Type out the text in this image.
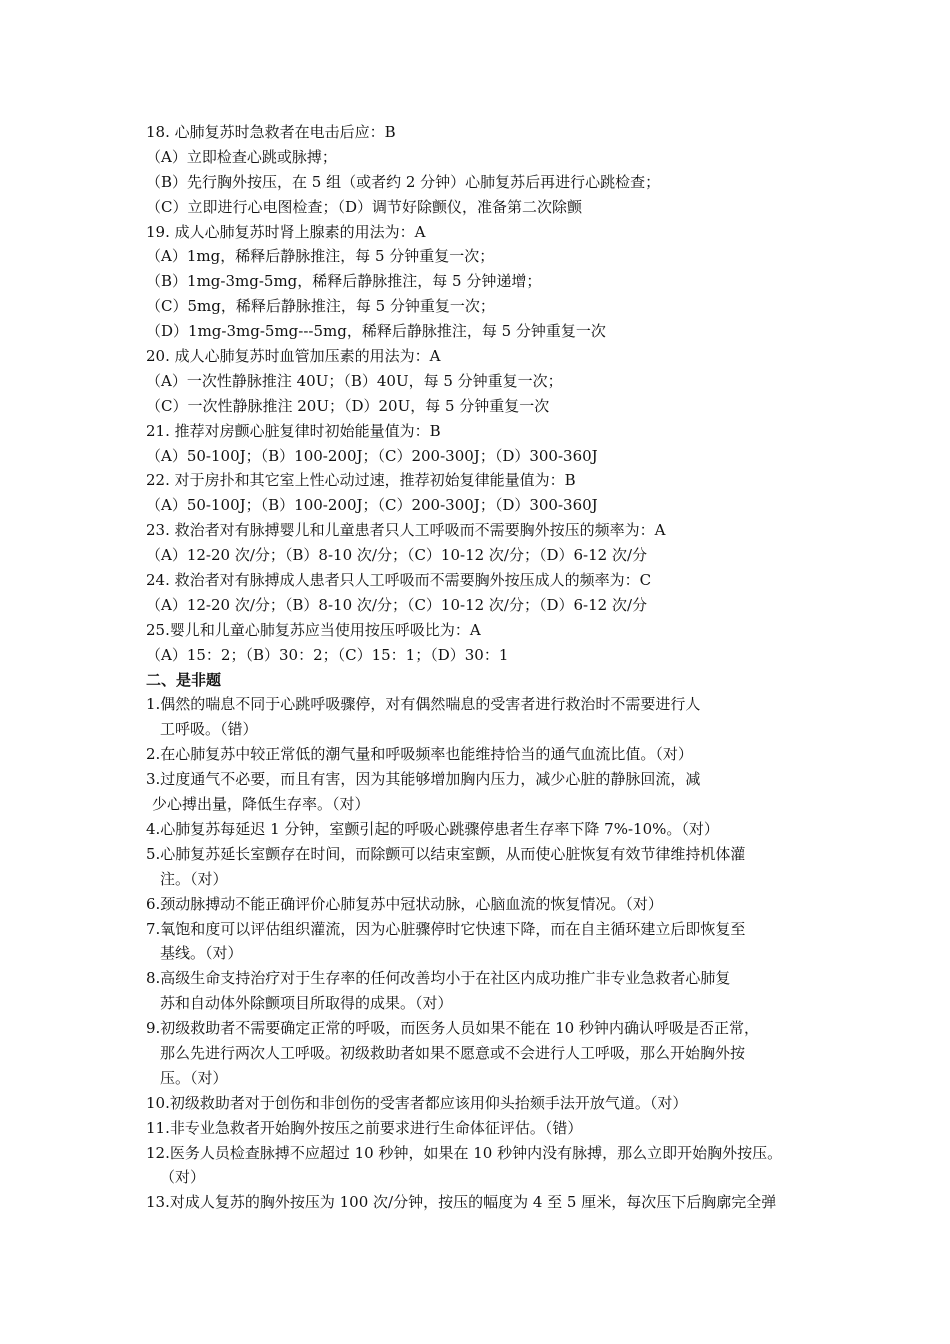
18. 心肺复苏时急救者在电击后应：B
（A）立即检查心跳或脉搏；
（B）先行胸外按压，在 5 组（或者约 2 分钟）心肺复苏后再进行心跳检查；
（C）立即进行心电图检查；（D）调节好除颤仪，准备第二次除颤
19. 成人心肺复苏时肾上腺素的用法为：A
（A）1mg，稀释后静脉推注，每 5 分钟重复一次；
（B）1mg-3mg-5mg，稀释后静脉推注，每 5 分钟递增；
（C）5mg，稀释后静脉推注，每 5 分钟重复一次；
（D）1mg-3mg-5mg---5mg，稀释后静脉推注，每 5 分钟重复一次
20. 成人心肺复苏时血管加压素的用法为：A
（A）一次性静脉推注 40U；（B）40U，每 5 分钟重复一次；
（C）一次性静脉推注 20U；（D）20U，每 5 分钟重复一次
21. 推荐对房颤心脏复律时初始能量值为：B
（A）50-100J；（B）100-200J；（C）200-300J；（D）300-360J
22. 对于房扑和其它室上性心动过速，推荐初始复律能量值为：B
（A）50-100J；（B）100-200J；（C）200-300J；（D）300-360J
23. 救治者对有脉搏婴儿和儿童患者只人工呼吸而不需要胸外按压的频率为：A
（A）12-20 次/分；（B）8-10 次/分；（C）10-12 次/分；（D）6-12 次/分
24. 救治者对有脉搏成人患者只人工呼吸而不需要胸外按压成人的频率为：C
（A）12-20 次/分；（B）8-10 次/分；（C）10-12 次/分；（D）6-12 次/分
25.婴儿和儿童心肺复苏应当使用按压呼吸比为：A
（A）15：2；（B）30：2；（C）15：1；（D）30：1
二、是非题
1.偶然的喘息不同于心跳呼吸骤停，对有偶然喘息的受害者进行救治时不需要进行人
工呼吸。（错）
2.在心肺复苏中较正常低的潮气量和呼吸频率也能维持恰当的通气血流比值。（对）
3.过度通气不必要，而且有害，因为其能够增加胸内压力，减少心脏的静脉回流，减
少心搏出量，降低生存率。（对）
4.心肺复苏每延迟 1 分钟，室颤引起的呼吸心跳骤停患者生存率下降 7%-10%。（对）
5.心肺复苏延长室颤存在时间，而除颤可以结束室颤，从而使心脏恢复有效节律维持机体灌
注。（对）
6.颈动脉搏动不能正确评价心肺复苏中冠状动脉，心脑血流的恢复情况。（对）
7.氧饱和度可以评估组织灌流，因为心脏骤停时它快速下降，而在自主循环建立后即恢复至
基线。（对）
8.高级生命支持治疗对于生存率的任何改善均小于在社区内成功推广非专业急救者心肺复
苏和自动体外除颤项目所取得的成果。（对）
9.初级救助者不需要确定正常的呼吸，而医务人员如果不能在 10 秒钟内确认呼吸是否正常，
那么先进行两次人工呼吸。初级救助者如果不愿意或不会进行人工呼吸，那么开始胸外按
压。（对）
10.初级救助者对于创伤和非创伤的受害者都应该用仰头抬颏手法开放气道。（对）
11.非专业急救者开始胸外按压之前要求进行生命体征评估。（错）
12.医务人员检查脉搏不应超过 10 秒钟，如果在 10 秒钟内没有脉搏，那么立即开始胸外按压。
（对）
13.对成人复苏的胸外按压为 100 次/分钟，按压的幅度为 4 至 5 厘米，每次压下后胸廓完全弹
